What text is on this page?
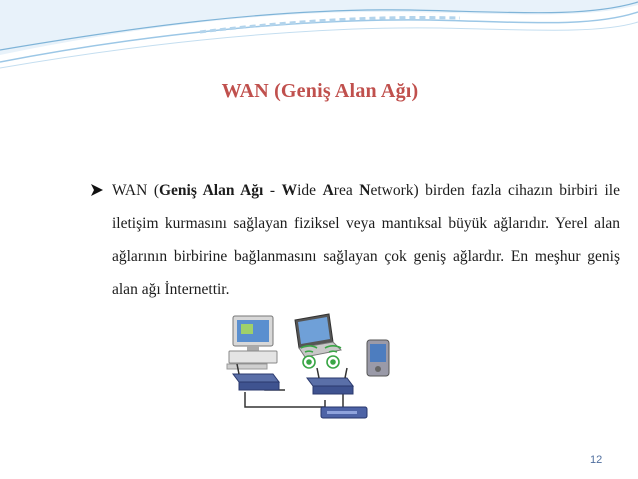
WAN (Geniş Alan Ağı)

WAN (Geniş Alan Ağı - Wide Area Network) birden fazla cihazın birbiri ile iletişim kurmasını sağlayan fiziksel veya mantıksal büyük ağlarıdır. Yerel alan ağlarının birbirine bağlanmasını sağlayan çok geniş ağlardır. En meşhur geniş alan ağı İnternettir.

12
